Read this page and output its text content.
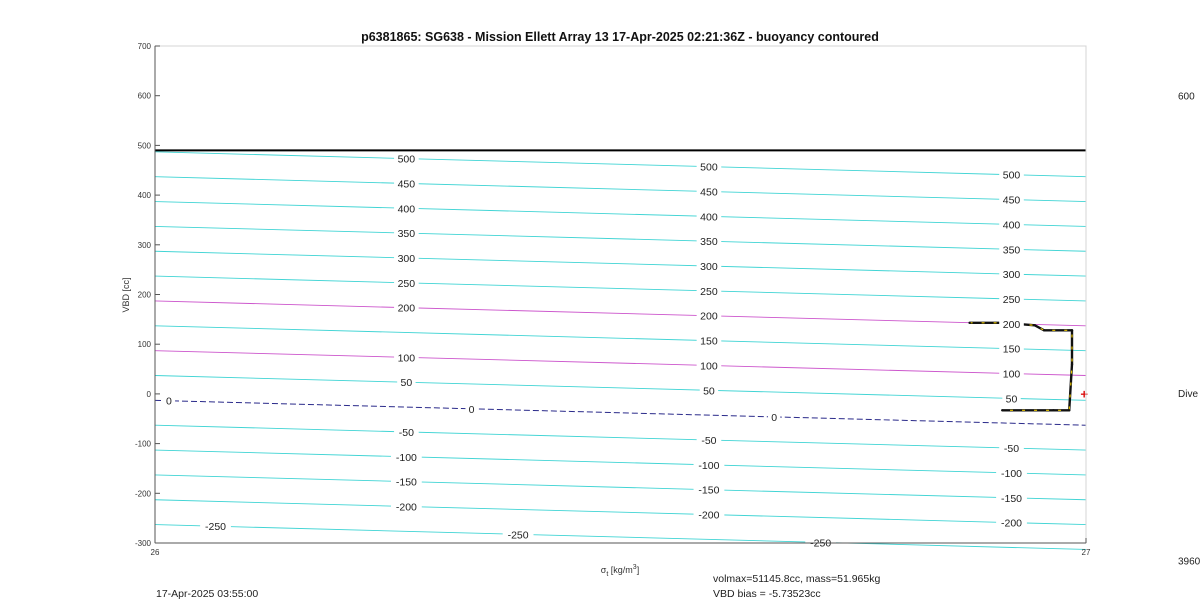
+
500
450
400
350
300
250
200
100
50
-50
-100
-150
-200
500
450
400
350
300
250
200
150
100
50
-50
-100
-150
-200
500
450
400
350
300
250
200
150
100
50
-50
-100
-150
-200
0
0
0
-250
-250
-250
-300
-200
-100
0
100
200
300
400
500
600
700
26	27
p6381865: SG638 - Mission Ellett Array 13 17-Apr-2025 02:21:36Z - buoyancy contoured
VBD [cc]
$\sigma_t$ $[kg/m^3]$
600
Dive
3960
17-Apr-2025 03:55:00
volmax=51145.8cc, mass=51.965kg
VBD bias = -5.73523cc
